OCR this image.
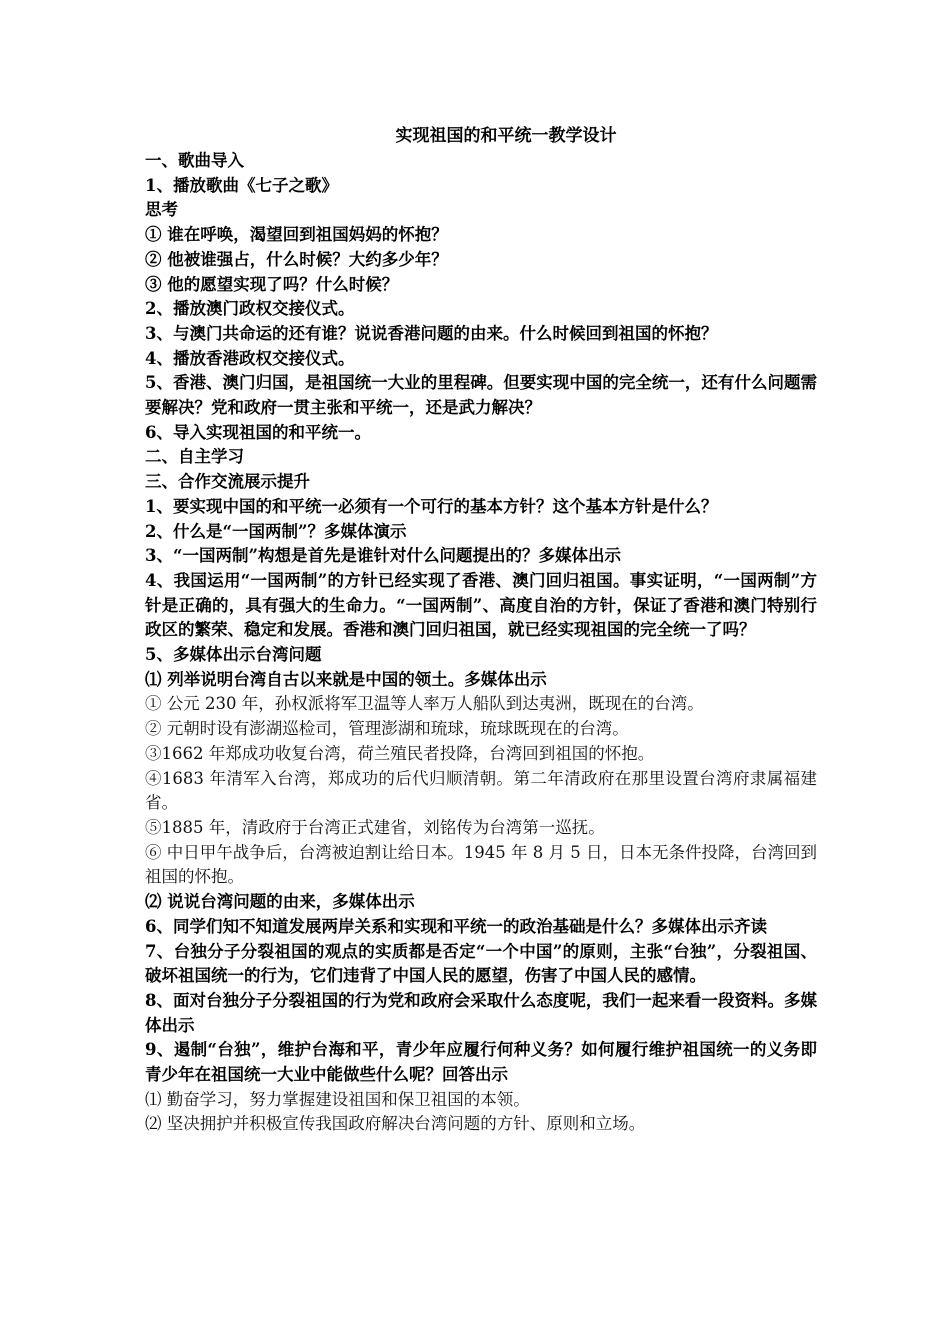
实现祖国的和平统一教学设计

一、歌曲导入

1、播放歌曲《七子之歌》

思考

① 谁在呼唤，渴望回到祖国妈妈的怀抱？

② 他被谁强占，什么时候？大约多少年？

③ 他的愿望实现了吗？什么时候？

2、播放澳门政权交接仪式。

3、与澳门共命运的还有谁？说说香港问题的由来。什么时候回到祖国的怀抱？

4、播放香港政权交接仪式。

5、香港、澳门归国，是祖国统一大业的里程碑。但要实现中国的完全统一，还有什么问题需要解决？党和政府一贯主张和平统一，还是武力解决？

6、导入实现祖国的和平统一。

二、自主学习

三、合作交流展示提升

1、要实现中国的和平统一必须有一个可行的基本方针？这个基本方针是什么？

2、什么是“一国两制”？多媒体演示

3、“一国两制”构想是首先是谁针对什么问题提出的？多媒体出示

4、我国运用“一国两制”的方针已经实现了香港、澳门回归祖国。事实证明，“一国两制”方针是正确的，具有强大的生命力。“一国两制”、高度自治的方针，保证了香港和澳门特别行政区的繁荣、稳定和发展。香港和澳门回归祖国，就已经实现祖国的完全统一了吗？

5、多媒体出示台湾问题

⑴ 列举说明台湾自古以来就是中国的领土。多媒体出示

① 公元 230 年，孙权派将军卫温等人率万人船队到达夷洲，既现在的台湾。

② 元朝时设有澎湖巡检司，管理澎湖和琉球，琉球既现在的台湾。

③1662 年郑成功收复台湾，荷兰殖民者投降，台湾回到祖国的怀抱。

④1683 年清军入台湾，郑成功的后代归顺清朝。第二年清政府在那里设置台湾府隶属福建省。

⑤1885 年，清政府于台湾正式建省，刘铭传为台湾第一巡抚。

⑥ 中日甲午战争后，台湾被迫割让给日本。1945 年 8 月 5 日，日本无条件投降，台湾回到祖国的怀抱。

⑵ 说说台湾问题的由来，多媒体出示

6、同学们知不知道发展两岸关系和实现和平统一的政治基础是什么？多媒体出示齐读

7、台独分子分裂祖国的观点的实质都是否定“一个中国”的原则，主张“台独”，分裂祖国、破坏祖国统一的行为，它们违背了中国人民的愿望，伤害了中国人民的感情。

8、面对台独分子分裂祖国的行为党和政府会采取什么态度呢，我们一起来看一段资料。多媒体出示

9、遏制“台独”，维护台海和平，青少年应履行何种义务？如何履行维护祖国统一的义务即青少年在祖国统一大业中能做些什么呢？回答出示

⑴ 勤奋学习，努力掌握建设祖国和保卫祖国的本领。

⑵ 坚决拥护并积极宣传我国政府解决台湾问题的方针、原则和立场。
